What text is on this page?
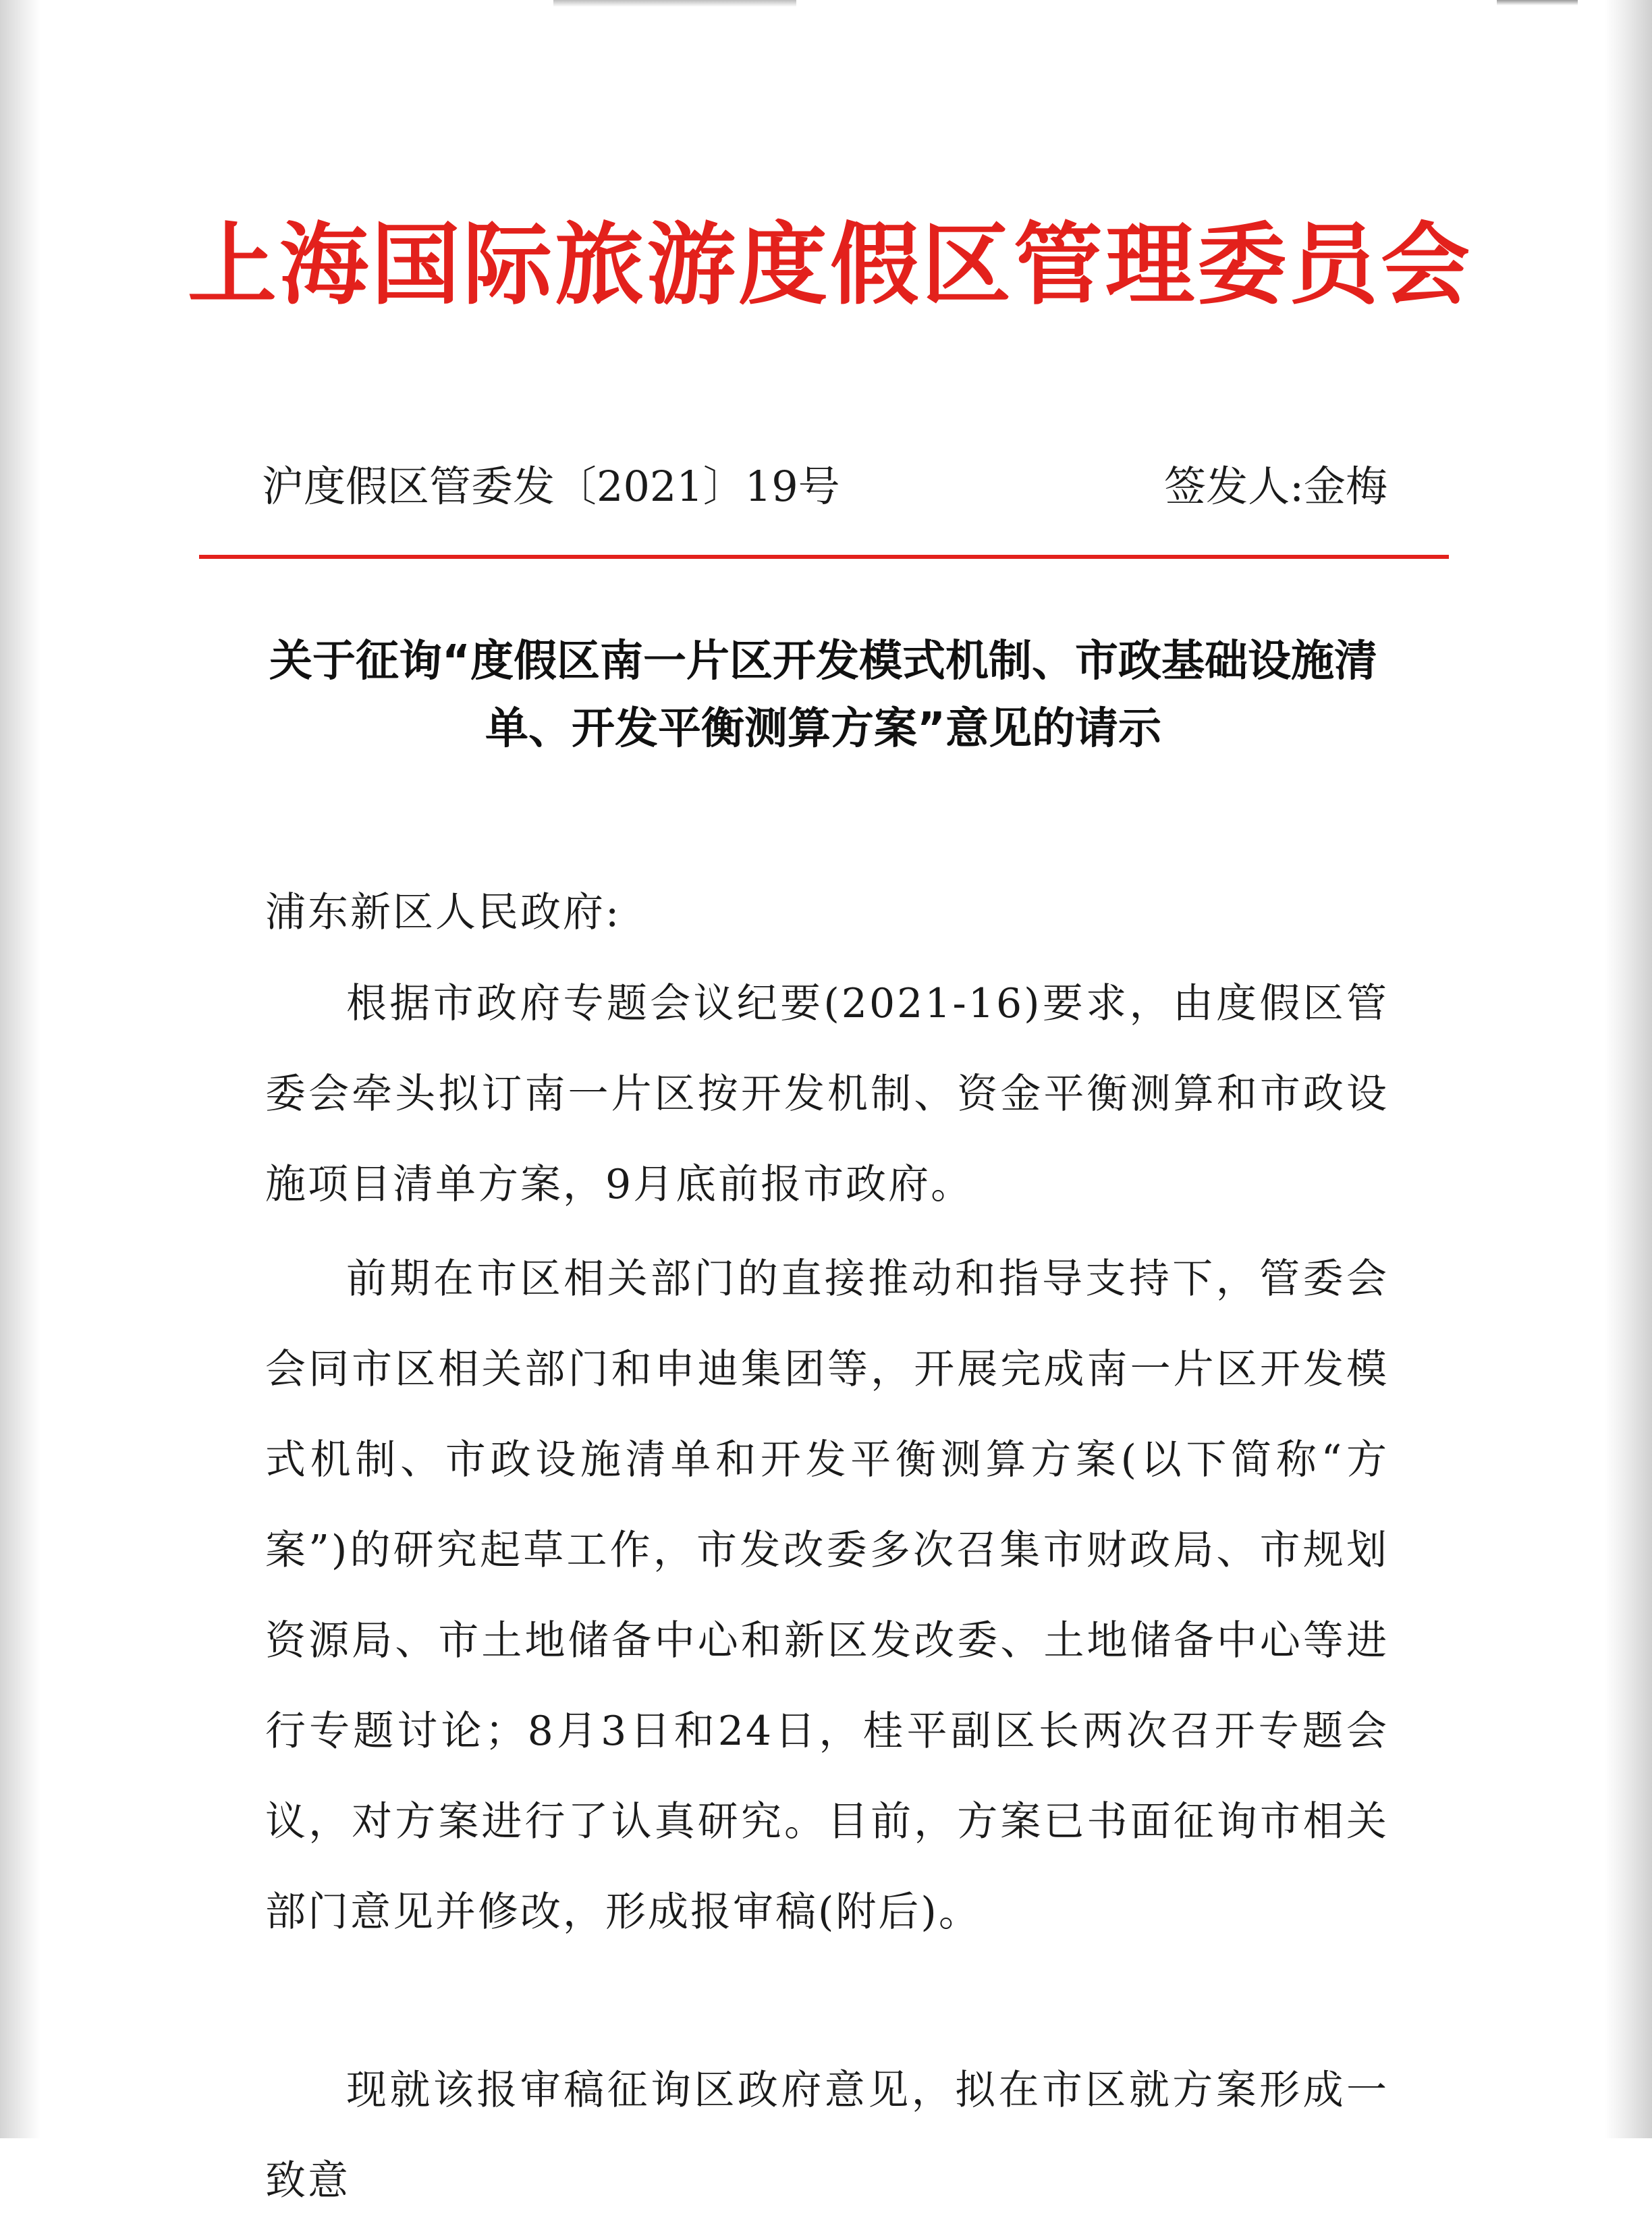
上海国际旅游度假区管理委员会
沪度假区管委发〔2021〕19号	签发人:金梅
关于征询“度假区南一片区开发模式机制、市政基础设施清
单、开发平衡测算方案”意见的请示
浦东新区人民政府:
根据市政府专题会议纪要(2021-16)要求，由度假区管委会牵头拟订南一片区按开发机制、资金平衡测算和市政设施项目清单方案，9月底前报市政府。
前期在市区相关部门的直接推动和指导支持下，管委会会同市区相关部门和申迪集团等，开展完成南一片区开发模式机制、市政设施清单和开发平衡测算方案(以下简称“方案”)的研究起草工作，市发改委多次召集市财政局、市规划资源局、市土地储备中心和新区发改委、土地储备中心等进行专题讨论；8月3日和24日，桂平副区长两次召开专题会议，对方案进行了认真研究。目前，方案已书面征询市相关部门意见并修改，形成报审稿(附后)。
现就该报审稿征询区政府意见，拟在市区就方案形成一致意
